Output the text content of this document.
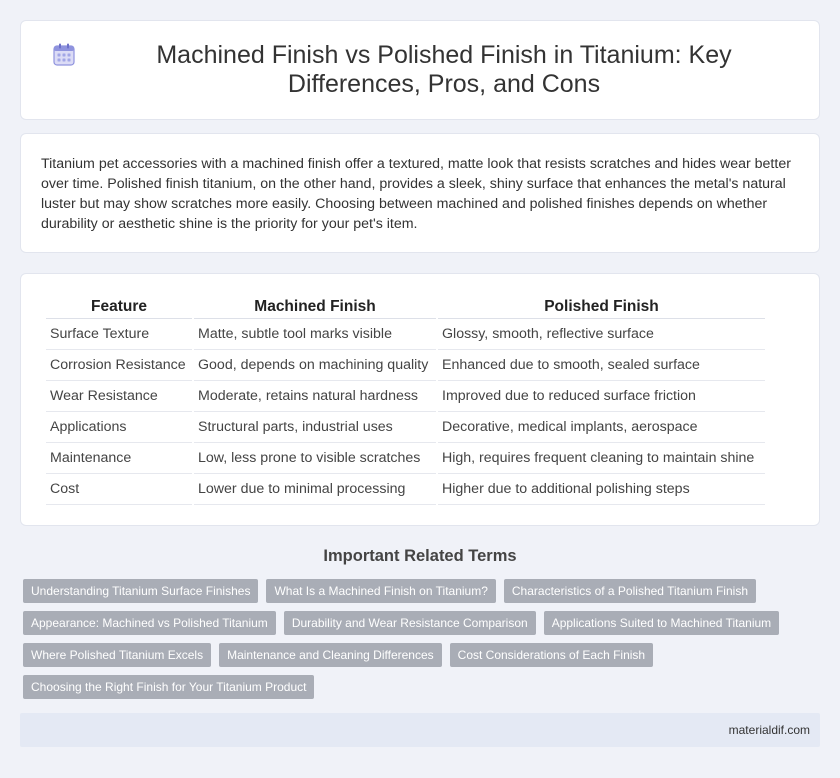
Machined Finish vs Polished Finish in Titanium: Key Differences, Pros, and Cons

Titanium pet accessories with a machined finish offer a textured, matte look that resists scratches and hides wear better over time. Polished finish titanium, on the other hand, provides a sleek, shiny surface that enhances the metal's natural luster but may show scratches more easily. Choosing between machined and polished finishes depends on whether durability or aesthetic shine is the priority for your pet's item.

Feature	Machined Finish	Polished Finish
Surface Texture	Matte, subtle tool marks visible	Glossy, smooth, reflective surface
Corrosion Resistance	Good, depends on machining quality	Enhanced due to smooth, sealed surface
Wear Resistance	Moderate, retains natural hardness	Improved due to reduced surface friction
Applications	Structural parts, industrial uses	Decorative, medical implants, aerospace
Maintenance	Low, less prone to visible scratches	High, requires frequent cleaning to maintain shine
Cost	Lower due to minimal processing	Higher due to additional polishing steps
Important Related Terms
Understanding Titanium Surface Finishes	What Is a Machined Finish on Titanium?	Characteristics of a Polished Titanium Finish
Appearance: Machined vs Polished Titanium	Durability and Wear Resistance Comparison	Applications Suited to Machined Titanium
Where Polished Titanium Excels	Maintenance and Cleaning Differences	Cost Considerations of Each Finish
Choosing the Right Finish for Your Titanium Product
materialdif.com
